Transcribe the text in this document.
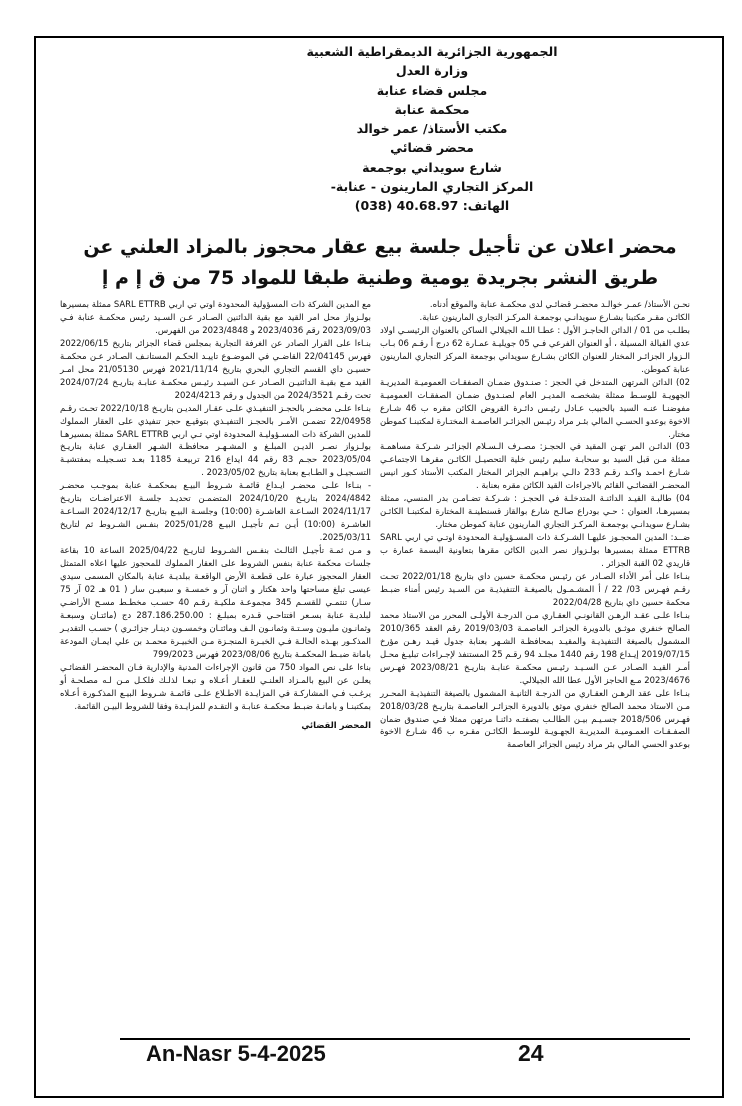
الجمهورية الجزائرية الديمقراطية الشعبية
وزارة العدل
مجلس قضاء عنابة
محكمة عنابة
مكتب الأستاذ/ عمر خوالد
محضر قضائي
شارع سويداني بوجمعة
المركز التجاري المارينون - عنابة-
الهاتف: 40.68.97 (038)
محضر اعلان عن تأجيل جلسة بيع عقار محجوز بالمزاد العلني عن طريق النشر بجريدة يومية وطنية طبقا للمواد 75 من ق إ م إ

نحـن الأستاذ/ عمـر خوالـد محضـر قضائـي لدى محكمـة عنابة والموقع أدناه.

الكائـن مقـر مكتبنا بشـارع سويدانـي بوجمعـة المركـز التجاري المارينون عنابة.

بطلـب من 01 / الدائن الحاجـز الأول : عطـا اللـه الجيلالي الساكن بالعنوان الرئيسـي اولاد عدي القبالة المسيلة ، أو العنوان الفرعي فـي 05 جويليـة عمـارة 62 درج أ رقـم 06 بـاب الـزوار الجزائـر المختار للعنوان الكائن بشـارع سويداني بوجمعة المركز التجاري المارينون عنابة كموطن.

02) الدائن المرتهن المتدخل في الحجز : صنـدوق ضمـان الصفقـات العموميـة المديريـة الجهويـة للوسـط ممثلة بشخصـه المديـر العام لصنـدوق ضمـان الصفقـات العموميـة مفوضنـا عنـه السيد بالحبيب عـادل رئيـس دائـرة القروض الكائن مقره ب 46 شـارع الاخوة بوعدو الحسـي المالي بئـر مراد رئيـس الجزائـر العاصمـة المختـارة لمكتبنـا كموطن مختار.

03) الدائـن المر تهـن المقيد في الحجـز: مصـرف الـسـلام الجزائـر شـركـة مساهمـة ممثلة مـن قبل السيد بو سحابـة سليم رئيس خلية التحصيـل الكائـن مقرهـا الاجتماعـي شـارع احمـد واكـد رقـم 233 دالـي براهيـم الجزائر المختار المكتب الأستاذ كـور انيس المحضـر القضائـي القائم بالاجراءات القيد الكائن مقره بعنابة .

04) طالبـة القيـد الدائنـة المتدخلـة في الحجـز : شـركـة تضـامـن بدر المنسي، ممثلة بمسيرهـا، العنوان : حـي بودراع صالـح شارع بوالقاز قسنطينـة المختارة لمكتبنـا الكائـن بشـارع سويدانـي بوجمعـة المركـز التجاري المارينون عنابة كموطن مختار.

ضــد: المدين المحجـوز عليهـا الشـركـة ذات المسـؤوليـة المحدودة اوتـي تي اربي SARL ETTRB ممثلة بمسيرها بولـزواز نصر الدين الكائن مقرها بتعاونية البسمة عمارة ب قاريدي 02 القبة الجزائر .

بنـاءا على أمر الأداء الصـادر عن رئيـس محكمـة حسين داي بتاريخ 2022/01/18 تحـت رقـم فهـرس 03/ 22 / أ المشـمـول بالصيغـة التنفيذيـة من السـيد رئيس أمناء ضبـط محكمة حسين داي بتاريخ 2022/04/28

بنـاءا علـى عقـد الرهـن القانونـي العقـاري مـن الدرجـة الأولـى المحرر من الاستاذ محمد الصالح خنفري موثـق بالدويرة الجزائـر العاصمـة 2019/03/03 رقم العقد 2010/365 المشمول بالصيغة التنفيذيـة والمقيـد بمحافظـة الشـهر بعنابة جدول قيـد رهـن مؤرخ 2019/07/15 إيـداع 198 رقم 1440 مجلـد 94 رقـم 25 المستنفذ لإجـراءات تبليـغ محـل أمـر القيـد الصـادر عـن السـيـد رئيـس محكمـة عنابـة بتاريـخ 2023/08/21 فهـرس 2023/4676 مـع الحاجز الأول عطا الله الجيلالي.

بنـاءا على عقد الرهـن العقـاري من الدرجـة الثانيـة المشمول بالصيغة التنفيذيـة المحـرر مـن الاستاذ محمد الصالح خنفري موثق بالدويرة الجزائـر العاصمـة بتاريـخ 2018/03/28 فهـرس 2018/506 جسـيـم بيـن الطالـب بصفتـه دائنـا مرتهن ممثلا فـي صندوق ضمان الصفـقـات العمـوميـة المديريـة الجهـويـة للوسـط الكائـن مقـره ب 46 شـارع الاخوة بوعدو الحسي المالي بئر مراد رئيس الجزائر العاصمة

مع المدين الشركة ذات المسؤولية المحدودة اوتي تي اربي SARL ETTRB ممثلة بمسيرها بولـزواز محل امر القيد مع بقية الدائنين الصـادر عـن السـيد رئيس محكمـة عنابة فـي 2023/09/03 رقم 2023/4036 و 2023/4848 من الفهرس.

بنـاءا على القرار الصادر عن الغرفة التجارية بمجلس قضاء الجزائر بتاريخ 2022/06/15 فهرس 22/04145 القاضـي في الموضـوع تاييـد الحكـم المستانـف الصـادر عـن محكمـة حسيـن داي القسم التجاري البحري بتاريخ 2021/11/14 فهرس 21/05130 محل امـر القيد مـع بقيـة الدائنيـن الصـادر عـن السيـد رئيـس محكمـة عنابـة بتاريـخ 2024/07/24 تحت رقـم 2024/3521 من الجدول و رقم 2024/4213

بنـاءا علـى محضـر بالحجـز التنفيـذي علـى عقـار المديـن بتاريـخ 2022/10/18 تحـت رقـم 22/04958 تضمـن الأمـر بالحجـز التنفيـذي بتوقيـع حجز تنفيذي على العقار المملوك للمدين الشركة ذات المسـؤوليـة المحدودة اوتي تـي اربي SARL ETTRB ممثلة بمسيرهـا بولـزواز نصـر الديـن المبلـغ و المشـهـر محافظـة الشـهر العقـاري عنابة بتاريـخ 2023/05/04 حجـم 83 رقم 44 ايداع 216 تربيعـة 1185 بعـد تسـجيلـه بمفتشيـة التسـجيـل و الطـابـع بعنابة بتاريخ 2023/05/02 .

- بنـاءا علـى محضـر ايـداع قائمـة شـروط البيـع بمحكمـة عنابة بموجـب محضـر 2024/4842 بتاريـخ 2024/10/20 المتضمـن تحديـد جلسـة الاعتراضـات بتاريـخ 2024/11/17 السـاعـة العاشـرة (10:00) وجلسـة البيـع بتاريـخ 2024/12/17 السـاعـة العاشـرة (10:00) أيـن تـم تأجيـل البيـع 2025/01/28 بنفـس الشـروط ثم لتاريخ 2025/03/11.

و مـن ثمـة تأجيـل الثالـث بنفـس الشـروط لتاريـخ 2025/04/22 الساعة 10 بقاعة جلسات محكمة عنابة بنفس الشروط على العقار المملوك للمحجوز عليها اعلاه المتمثل العقار المحجوز عبارة على قطعـة الأرض الواقعـة ببلديـة عنابة بالمكان المسمى سيدي عيسى تبلغ مساحتها واحد هكتار و اثنان آر و خمسـة و سبعيـن سار ( 01 هـ 02 آر 75 سـار) تنتمـي للقسـم 345 مجموعـة ملكيـة رقـم 40 حسـب مخطـط مسـح الأراضـي لبلديـة عنابة بسـعر افتتاحـي قـدره بمبلـغ : 287.186.250.00 دج (مائتـان وسبعـة وثمانـون مليـون وسـتـة وثمانـون الـف ومائتـان وخمسـون دينـار جزائـري ) حسـب التقديـر المذكـور بهـذه الحالـة فـي الخبـرة المنجـزة مـن الخبيـرة محمـد بن علي ايمـان المودعة بامانة ضبـط المحكمـة بتاريخ 2023/08/06 فهرس 799/2023

بناءا على نص المواد 750 من قانون الإجراءات المدنية والإدارية فـان المحضـر القضائـي يعلـن عن البيع بالمـزاد العلنـي للعقـار أعـلاه و تبعـا لذلـك فلكـل مـن لـه مصلحـة أو يرغـب فـي المشاركـة في المزايـدة الاطـلاع علـى قائمـة شـروط البيـع المذكـورة أعـلاه بمكتبنـا و بامانـة ضبـط محكمـة عنابـة و التقـدم للمزايـدة وفقا للشروط البيـن القائمة.

المحضر القضائي

An-Nasr 5-4-2025	24
